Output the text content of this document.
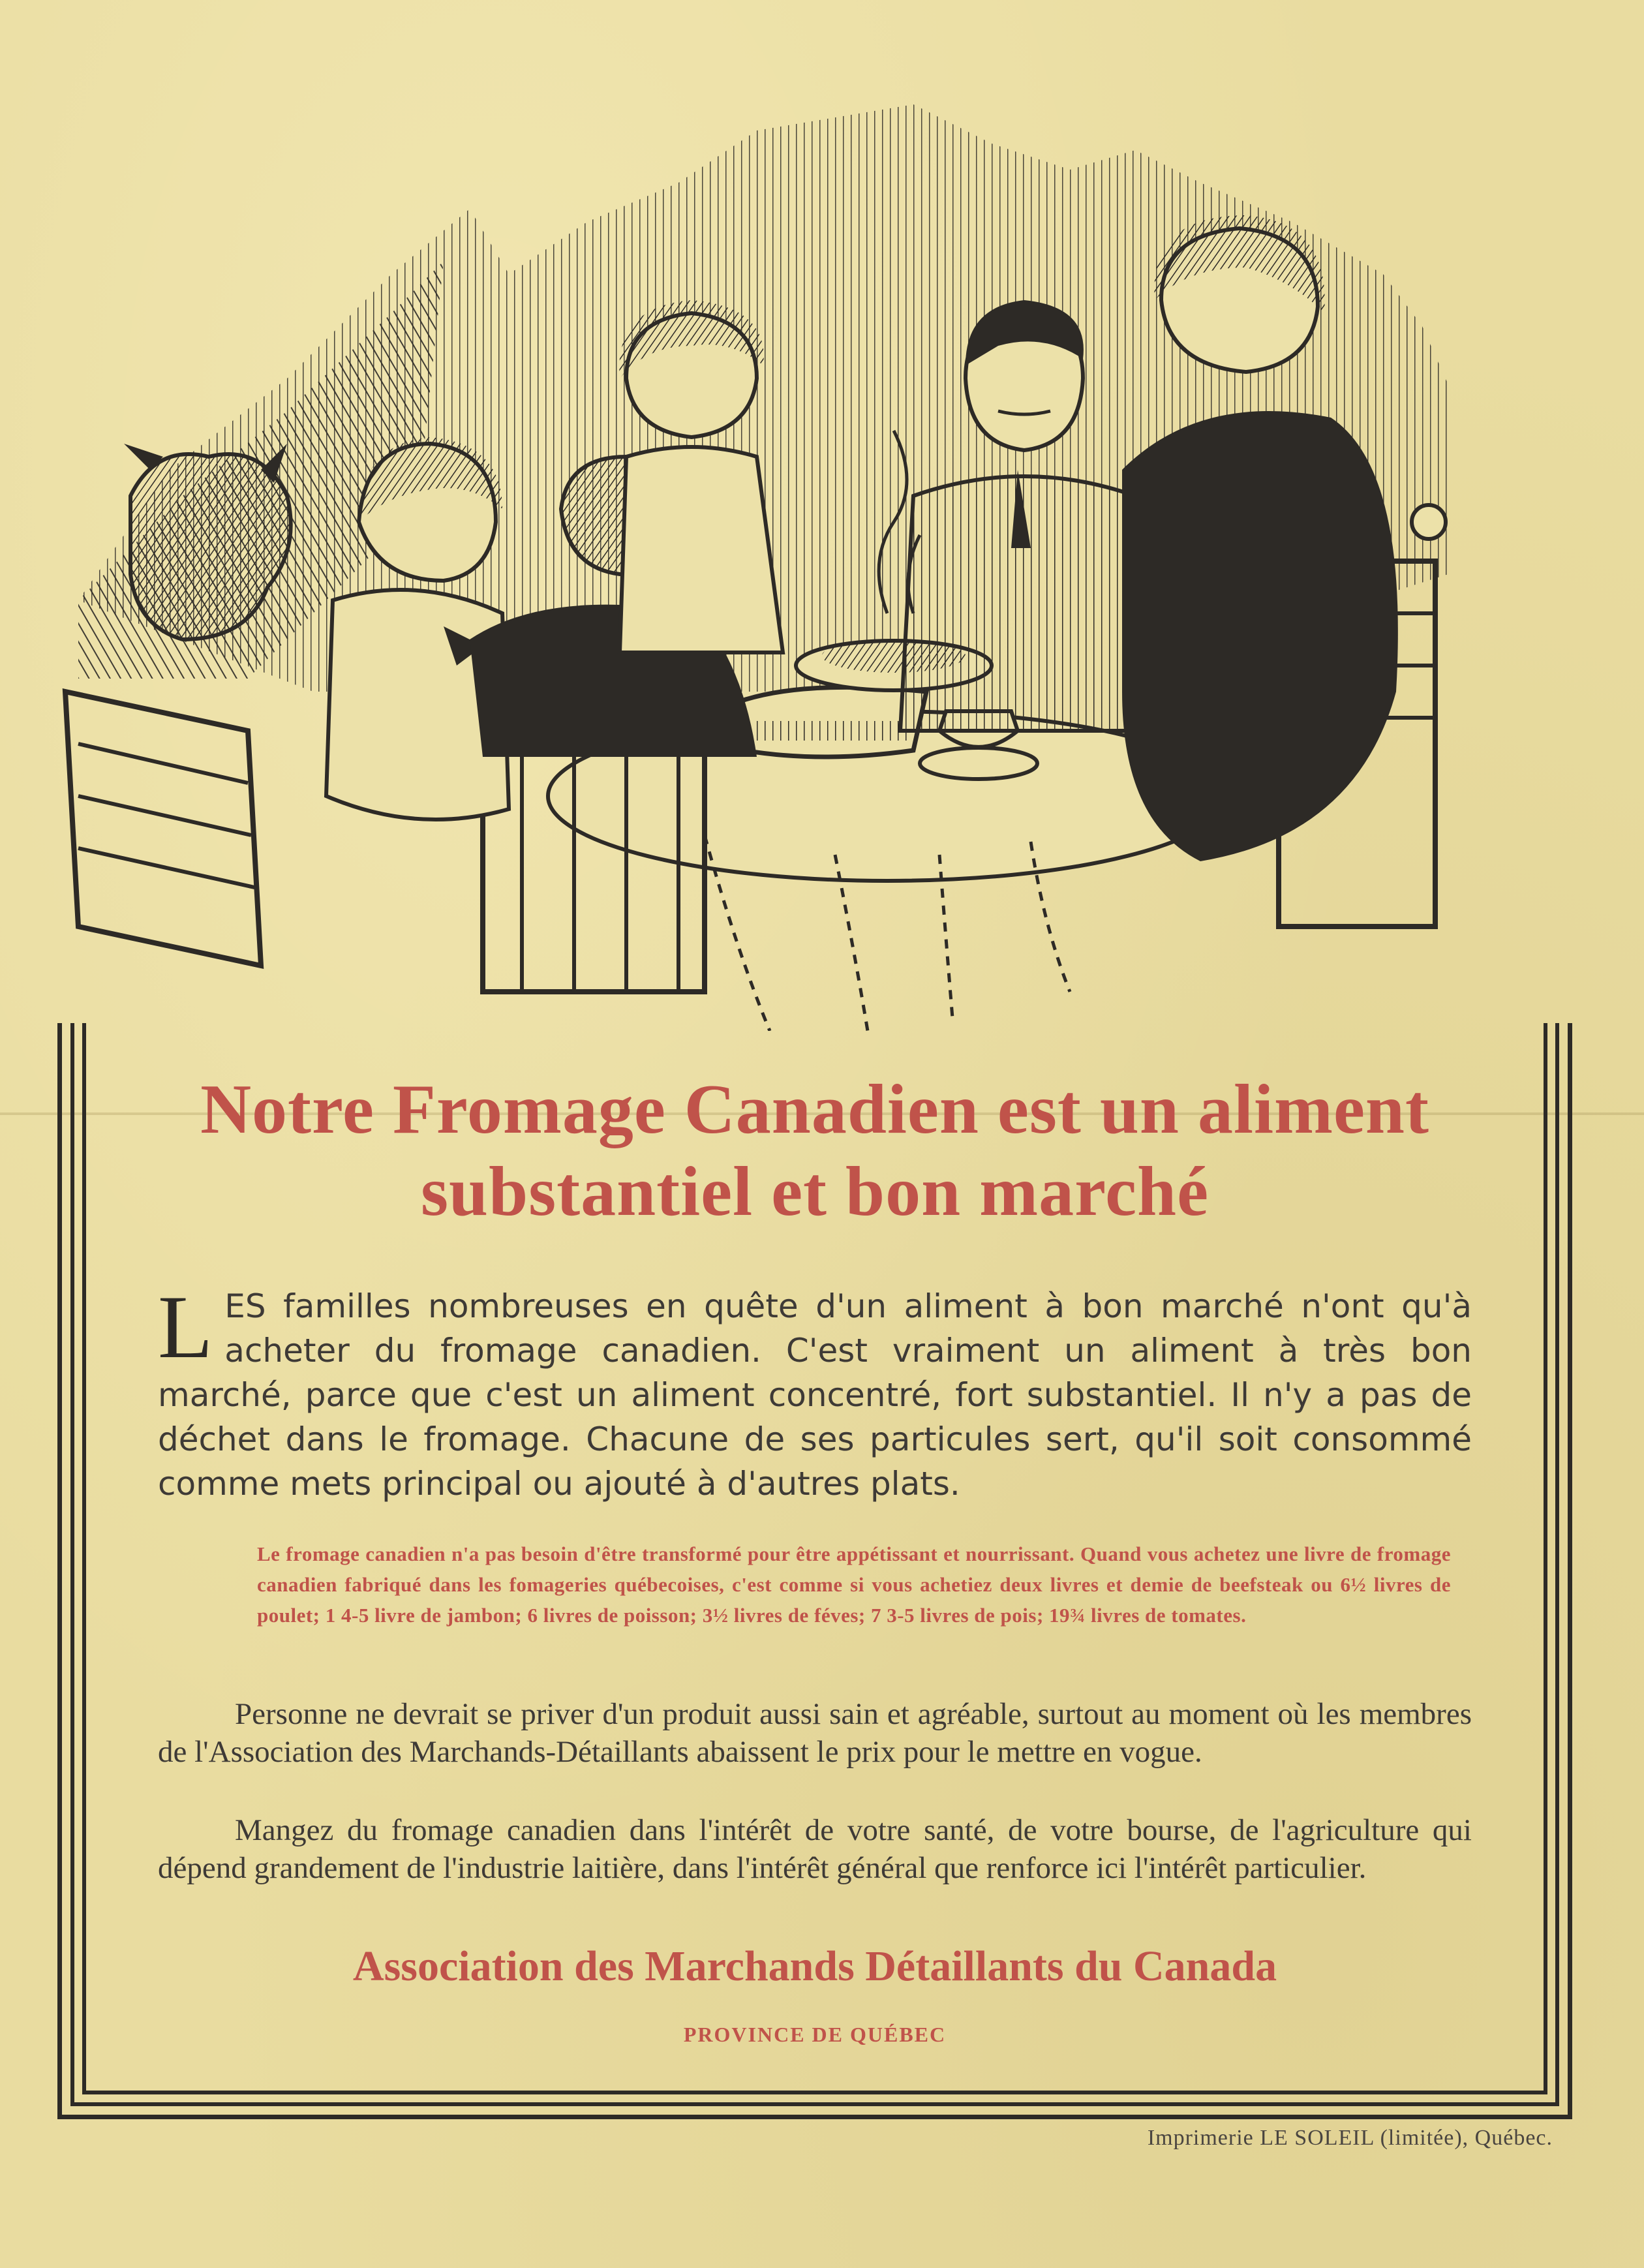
Notre Fromage Canadien est un aliment
substantiel et bon marché

LES familles nombreuses en quête d'un aliment à bon marché n'ont qu'à acheter du fromage canadien. C'est vraiment un aliment à très bon marché, parce que c'est un aliment concentré, fort substantiel. Il n'y a pas de déchet dans le fromage. Chacune de ses particules sert, qu'il soit consommé comme mets principal ou ajouté à d'autres plats.

Le fromage canadien n'a pas besoin d'être transformé pour être appétissant et nourrissant. Quand vous achetez une livre de fromage canadien fabriqué dans les fomageries québecoises, c'est comme si vous achetiez deux livres et demie de beefsteak ou 6½ livres de poulet; 1 4-5 livre de jambon; 6 livres de poisson; 3½ livres de féves; 7 3-5 livres de pois; 19¾ livres de tomates.

Personne ne devrait se priver d'un produit aussi sain et agréable, surtout au moment où les membres de l'Association des Marchands-Détaillants abaissent le prix pour le mettre en vogue.

Mangez du fromage canadien dans l'intérêt de votre santé, de votre bourse, de l'agriculture qui dépend grandement de l'industrie laitière, dans l'intérêt général que renforce ici l'intérêt particulier.

Association des Marchands Détaillants du Canada
PROVINCE DE QUÉBEC
Imprimerie LE SOLEIL (limitée), Québec.
